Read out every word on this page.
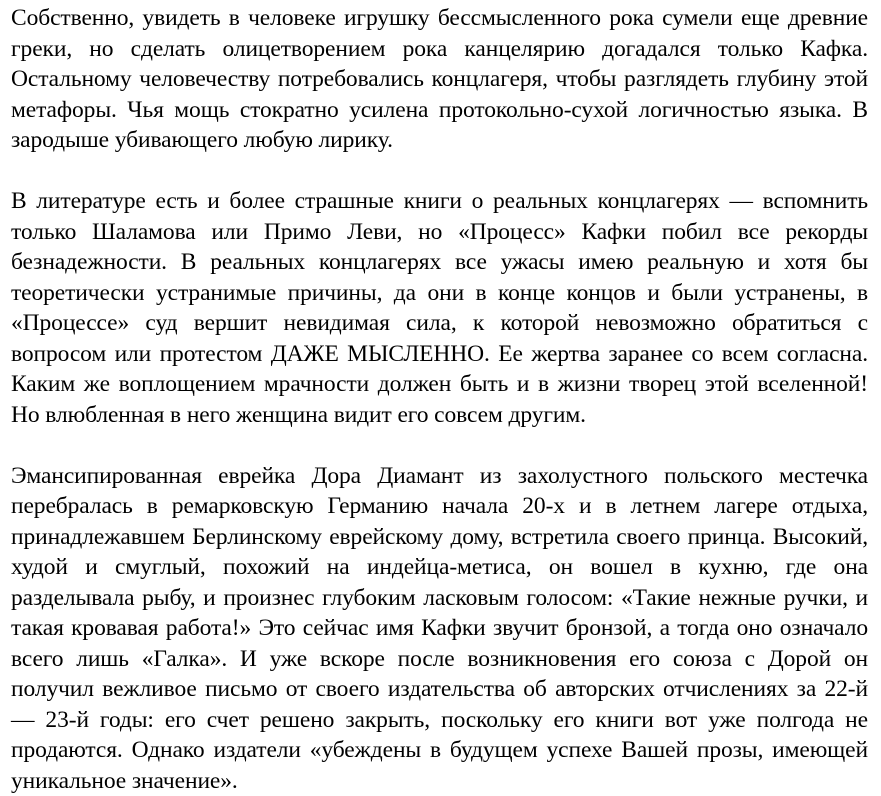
Собственно, увидеть в человеке игрушку бессмысленного рока сумели еще древние греки, но сделать олицетворением рока канцелярию догадался только Кафка. Остальному человечеству потребовались концлагеря, чтобы разглядеть глубину этой метафоры. Чья мощь стократно усилена протокольно-сухой логичностью языка. В зародыше убивающего любую лирику.

В литературе есть и более страшные книги о реальных концлагерях — вспомнить только Шаламова или Примо Леви, но «Процесс» Кафки побил все рекорды безнадежности. В реальных концлагерях все ужасы имею реальную и хотя бы теоретически устранимые причины, да они в конце концов и были устранены, в «Процессе» суд вершит невидимая сила, к которой невозможно обратиться с вопросом или протестом ДАЖЕ МЫСЛЕННО. Ее жертва заранее со всем согласна. Каким же воплощением мрачности должен быть и в жизни творец этой вселенной! Но влюбленная в него женщина видит его совсем другим.

Эмансипированная еврейка Дора Диамант из захолустного польского местечка перебралась в ремарковскую Германию начала 20-х и в летнем лагере отдыха, принадлежавшем Берлинскому еврейскому дому, встретила своего принца. Высокий, худой и смуглый, похожий на индейца-метиса, он вошел в кухню, где она разделывала рыбу, и произнес глубоким ласковым голосом: «Такие нежные ручки, и такая кровавая работа!» Это сейчас имя Кафки звучит бронзой, а тогда оно означало всего лишь «Галка». И уже вскоре после возникновения его союза с Дорой он получил вежливое письмо от своего издательства об авторских отчислениях за 22-й — 23-й годы: его счет решено закрыть, поскольку его книги вот уже полгода не продаются. Однако издатели «убеждены в будущем успехе Вашей прозы, имеющей уникальное значение».
